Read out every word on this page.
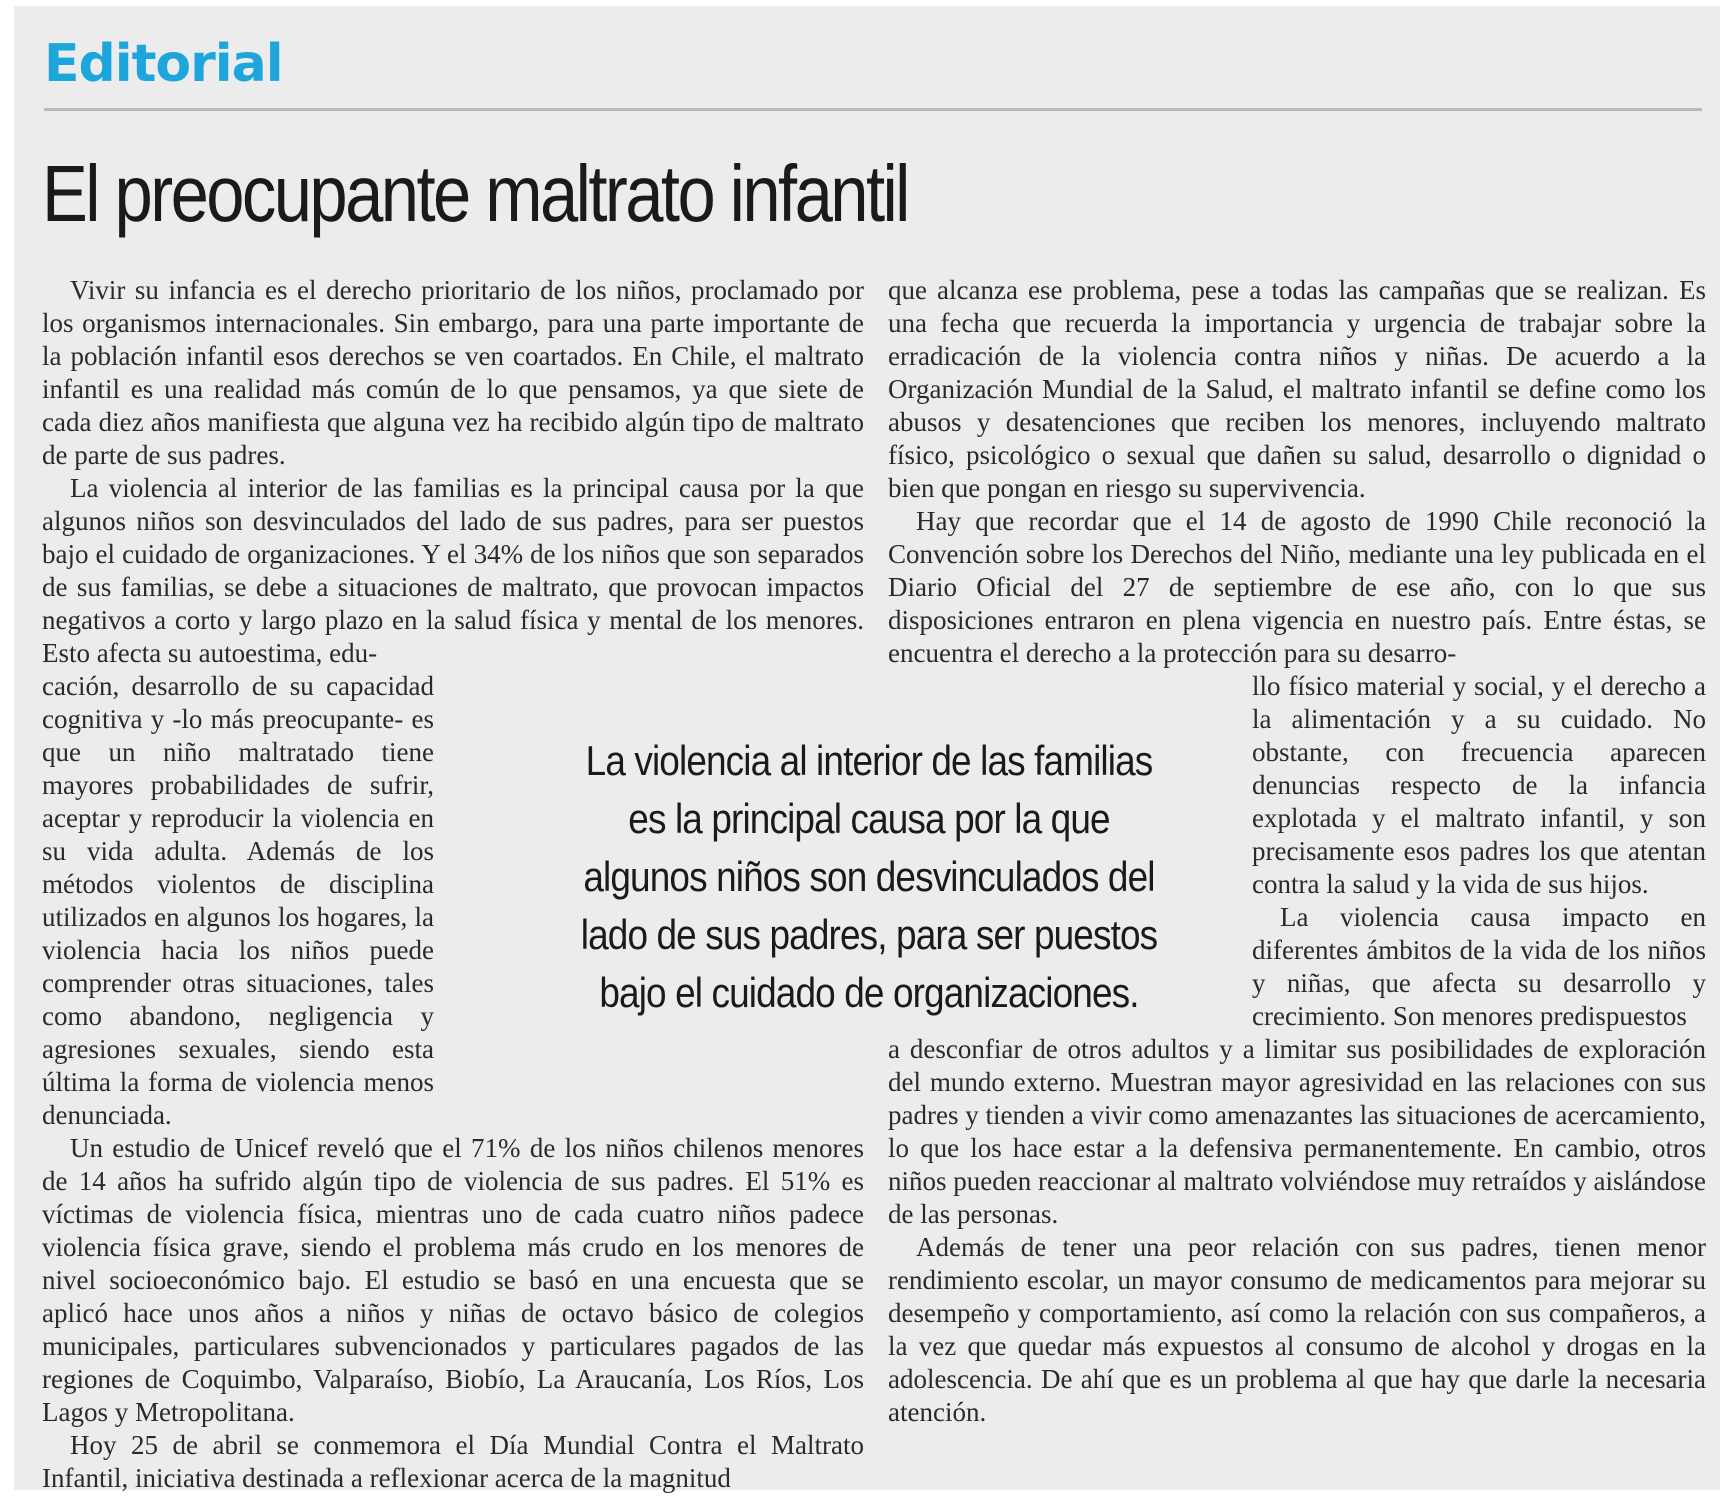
Editorial
El preocupante maltrato infantil

Vivir su infancia es el derecho prioritario de los niños, proclamado por los organismos internacionales. Sin embargo, para una parte importante de la población infantil esos derechos se ven coartados. En Chile, el maltrato infantil es una realidad más común de lo que pensamos, ya que siete de cada diez años manifiesta que alguna vez ha recibido algún tipo de maltrato de parte de sus padres.

La violencia al interior de las familias es la principal causa por la que algunos niños son desvinculados del lado de sus padres, para ser puestos bajo el cuidado de organizaciones. Y el 34% de los niños que son separados de sus familias, se debe a situaciones de maltrato, que provocan impactos negativos a corto y largo plazo en la salud física y mental de los menores. Esto afecta su autoestima, edu-

cación, desarrollo de su capacidad cognitiva y -lo más preocupante- es que un niño maltratado tiene mayores probabilidades de sufrir, aceptar y reproducir la violencia en su vida adulta. Además de los métodos violentos de disciplina utilizados en algunos los hogares, la violencia hacia los niños puede comprender otras situaciones, tales como abandono, negligencia y agresiones sexuales, siendo esta última la forma de violencia menos denunciada.

Un estudio de Unicef reveló que el 71% de los niños chilenos menores de 14 años ha sufrido algún tipo de violencia de sus padres. El 51% es víctimas de violencia física, mientras uno de cada cuatro niños padece violencia física grave, siendo el problema más crudo en los menores de nivel socioeconómico bajo. El estudio se basó en una encuesta que se aplicó hace unos años a niños y niñas de octavo básico de colegios municipales, particulares subvencionados y particulares pagados de las regiones de Coquimbo, Valparaíso, Biobío, La Araucanía, Los Ríos, Los Lagos y Metropolitana.

Hoy 25 de abril se conmemora el Día Mundial Contra el Maltrato Infantil, iniciativa destinada a reflexionar acerca de la magnitud

que alcanza ese problema, pese a todas las campañas que se realizan. Es una fecha que recuerda la importancia y urgencia de trabajar sobre la erradicación de la violencia contra niños y niñas. De acuerdo a la Organización Mundial de la Salud, el maltrato infantil se define como los abusos y desatenciones que reciben los menores, incluyendo maltrato físico, psicológico o sexual que dañen su salud, desarrollo o dignidad o bien que pongan en riesgo su supervivencia.

Hay que recordar que el 14 de agosto de 1990 Chile reconoció la Convención sobre los Derechos del Niño, mediante una ley publicada en el Diario Oficial del 27 de septiembre de ese año, con lo que sus disposiciones entraron en plena vigencia en nuestro país. Entre éstas, se encuentra el derecho a la protección para su desarro-

llo físico material y social, y el derecho a la alimentación y a su cuidado. No obstante, con frecuencia aparecen denuncias respecto de la infancia explotada y el maltrato infantil, y son precisamente esos padres los que atentan contra la salud y la vida de sus hijos.

La violencia causa impacto en diferentes ámbitos de la vida de los niños y niñas, que afecta su desarrollo y crecimiento. Son menores predispuestos

a desconfiar de otros adultos y a limitar sus posibilidades de exploración del mundo externo. Muestran mayor agresividad en las relaciones con sus padres y tienden a vivir como amenazantes las situaciones de acercamiento, lo que los hace estar a la defensiva permanentemente. En cambio, otros niños pueden reaccionar al maltrato volviéndose muy retraídos y aislándose de las personas.

Además de tener una peor relación con sus padres, tienen menor rendimiento escolar, un mayor consumo de medicamentos para mejorar su desempeño y comportamiento, así como la relación con sus compañeros, a la vez que quedar más expuestos al consumo de alcohol y drogas en la adolescencia. De ahí que es un problema al que hay que darle la necesaria atención.

La violencia al interior de las familias es la principal causa por la que algunos niños son desvinculados del lado de sus padres, para ser puestos bajo el cuidado de organizaciones.
